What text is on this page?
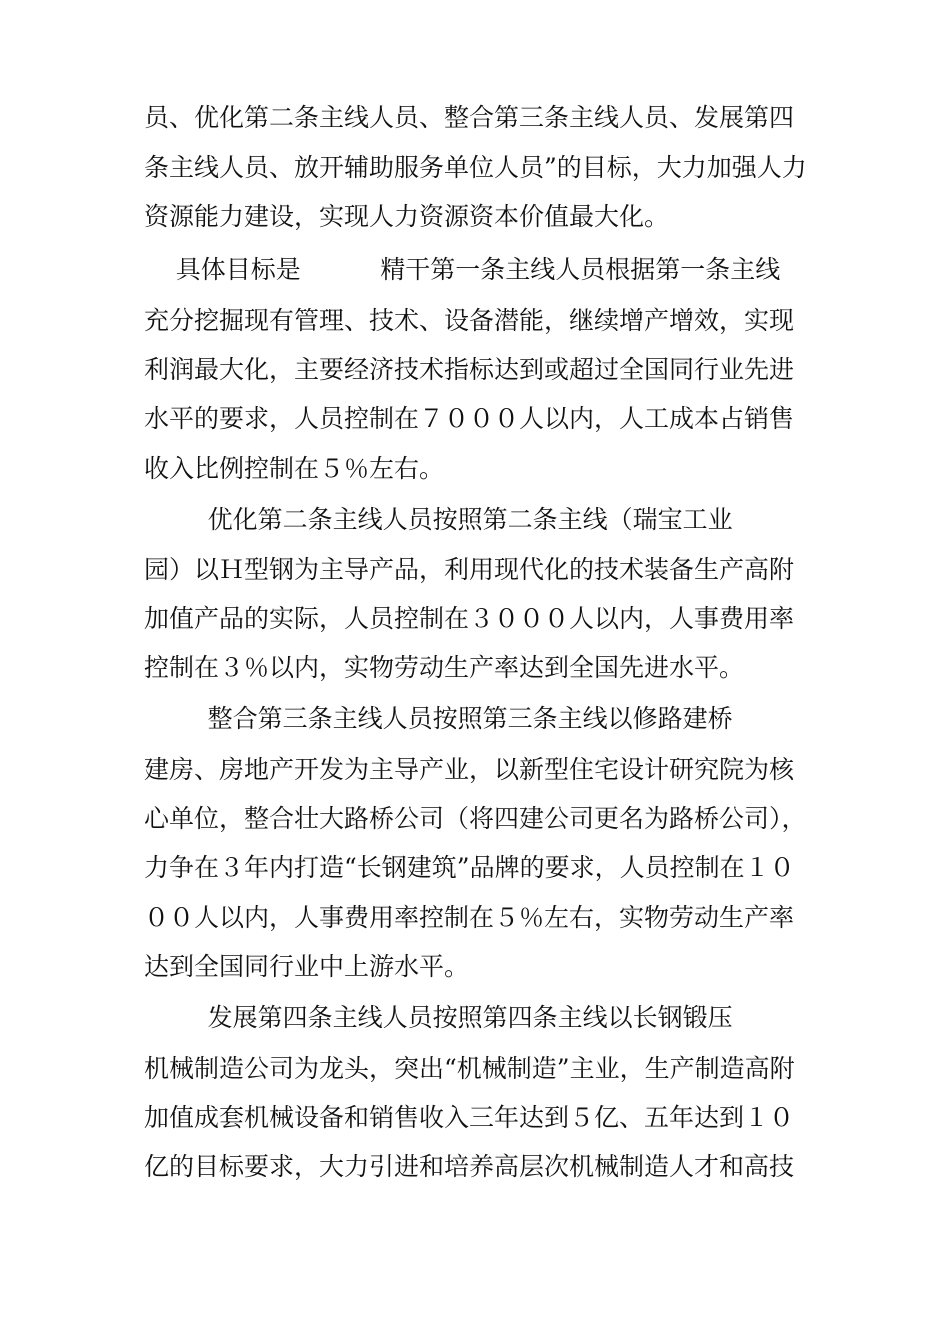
员、优化第二条主线人员、整合第三条主线人员、发展第四
条主线人员、放开辅助服务单位人员”的目标，大力加强人力
资源能力建设，实现人力资源资本价值最大化。
具体目标是          精干第一条主线人员根据第一条主线
充分挖掘现有管理、技术、设备潜能，继续增产增效，实现
利润最大化，主要经济技术指标达到或超过全国同行业先进
水平的要求，人员控制在７０００人以内，人工成本占销售
收入比例控制在５％左右。
优化第二条主线人员按照第二条主线（瑞宝工业
园）以Ｈ型钢为主导产品，利用现代化的技术装备生产高附
加值产品的实际，人员控制在３０００人以内，人事费用率
控制在３％以内，实物劳动生产率达到全国先进水平。
整合第三条主线人员按照第三条主线以修路建桥
建房、房地产开发为主导产业，以新型住宅设计研究院为核
心单位，整合壮大路桥公司（将四建公司更名为路桥公司），
力争在３年内打造“长钢建筑”品牌的要求，人员控制在１０
００人以内，人事费用率控制在５％左右，实物劳动生产率
达到全国同行业中上游水平。
发展第四条主线人员按照第四条主线以长钢锻压
机械制造公司为龙头，突出“机械制造”主业，生产制造高附
加值成套机械设备和销售收入三年达到５亿、五年达到１０
亿的目标要求，大力引进和培养高层次机械制造人才和高技
